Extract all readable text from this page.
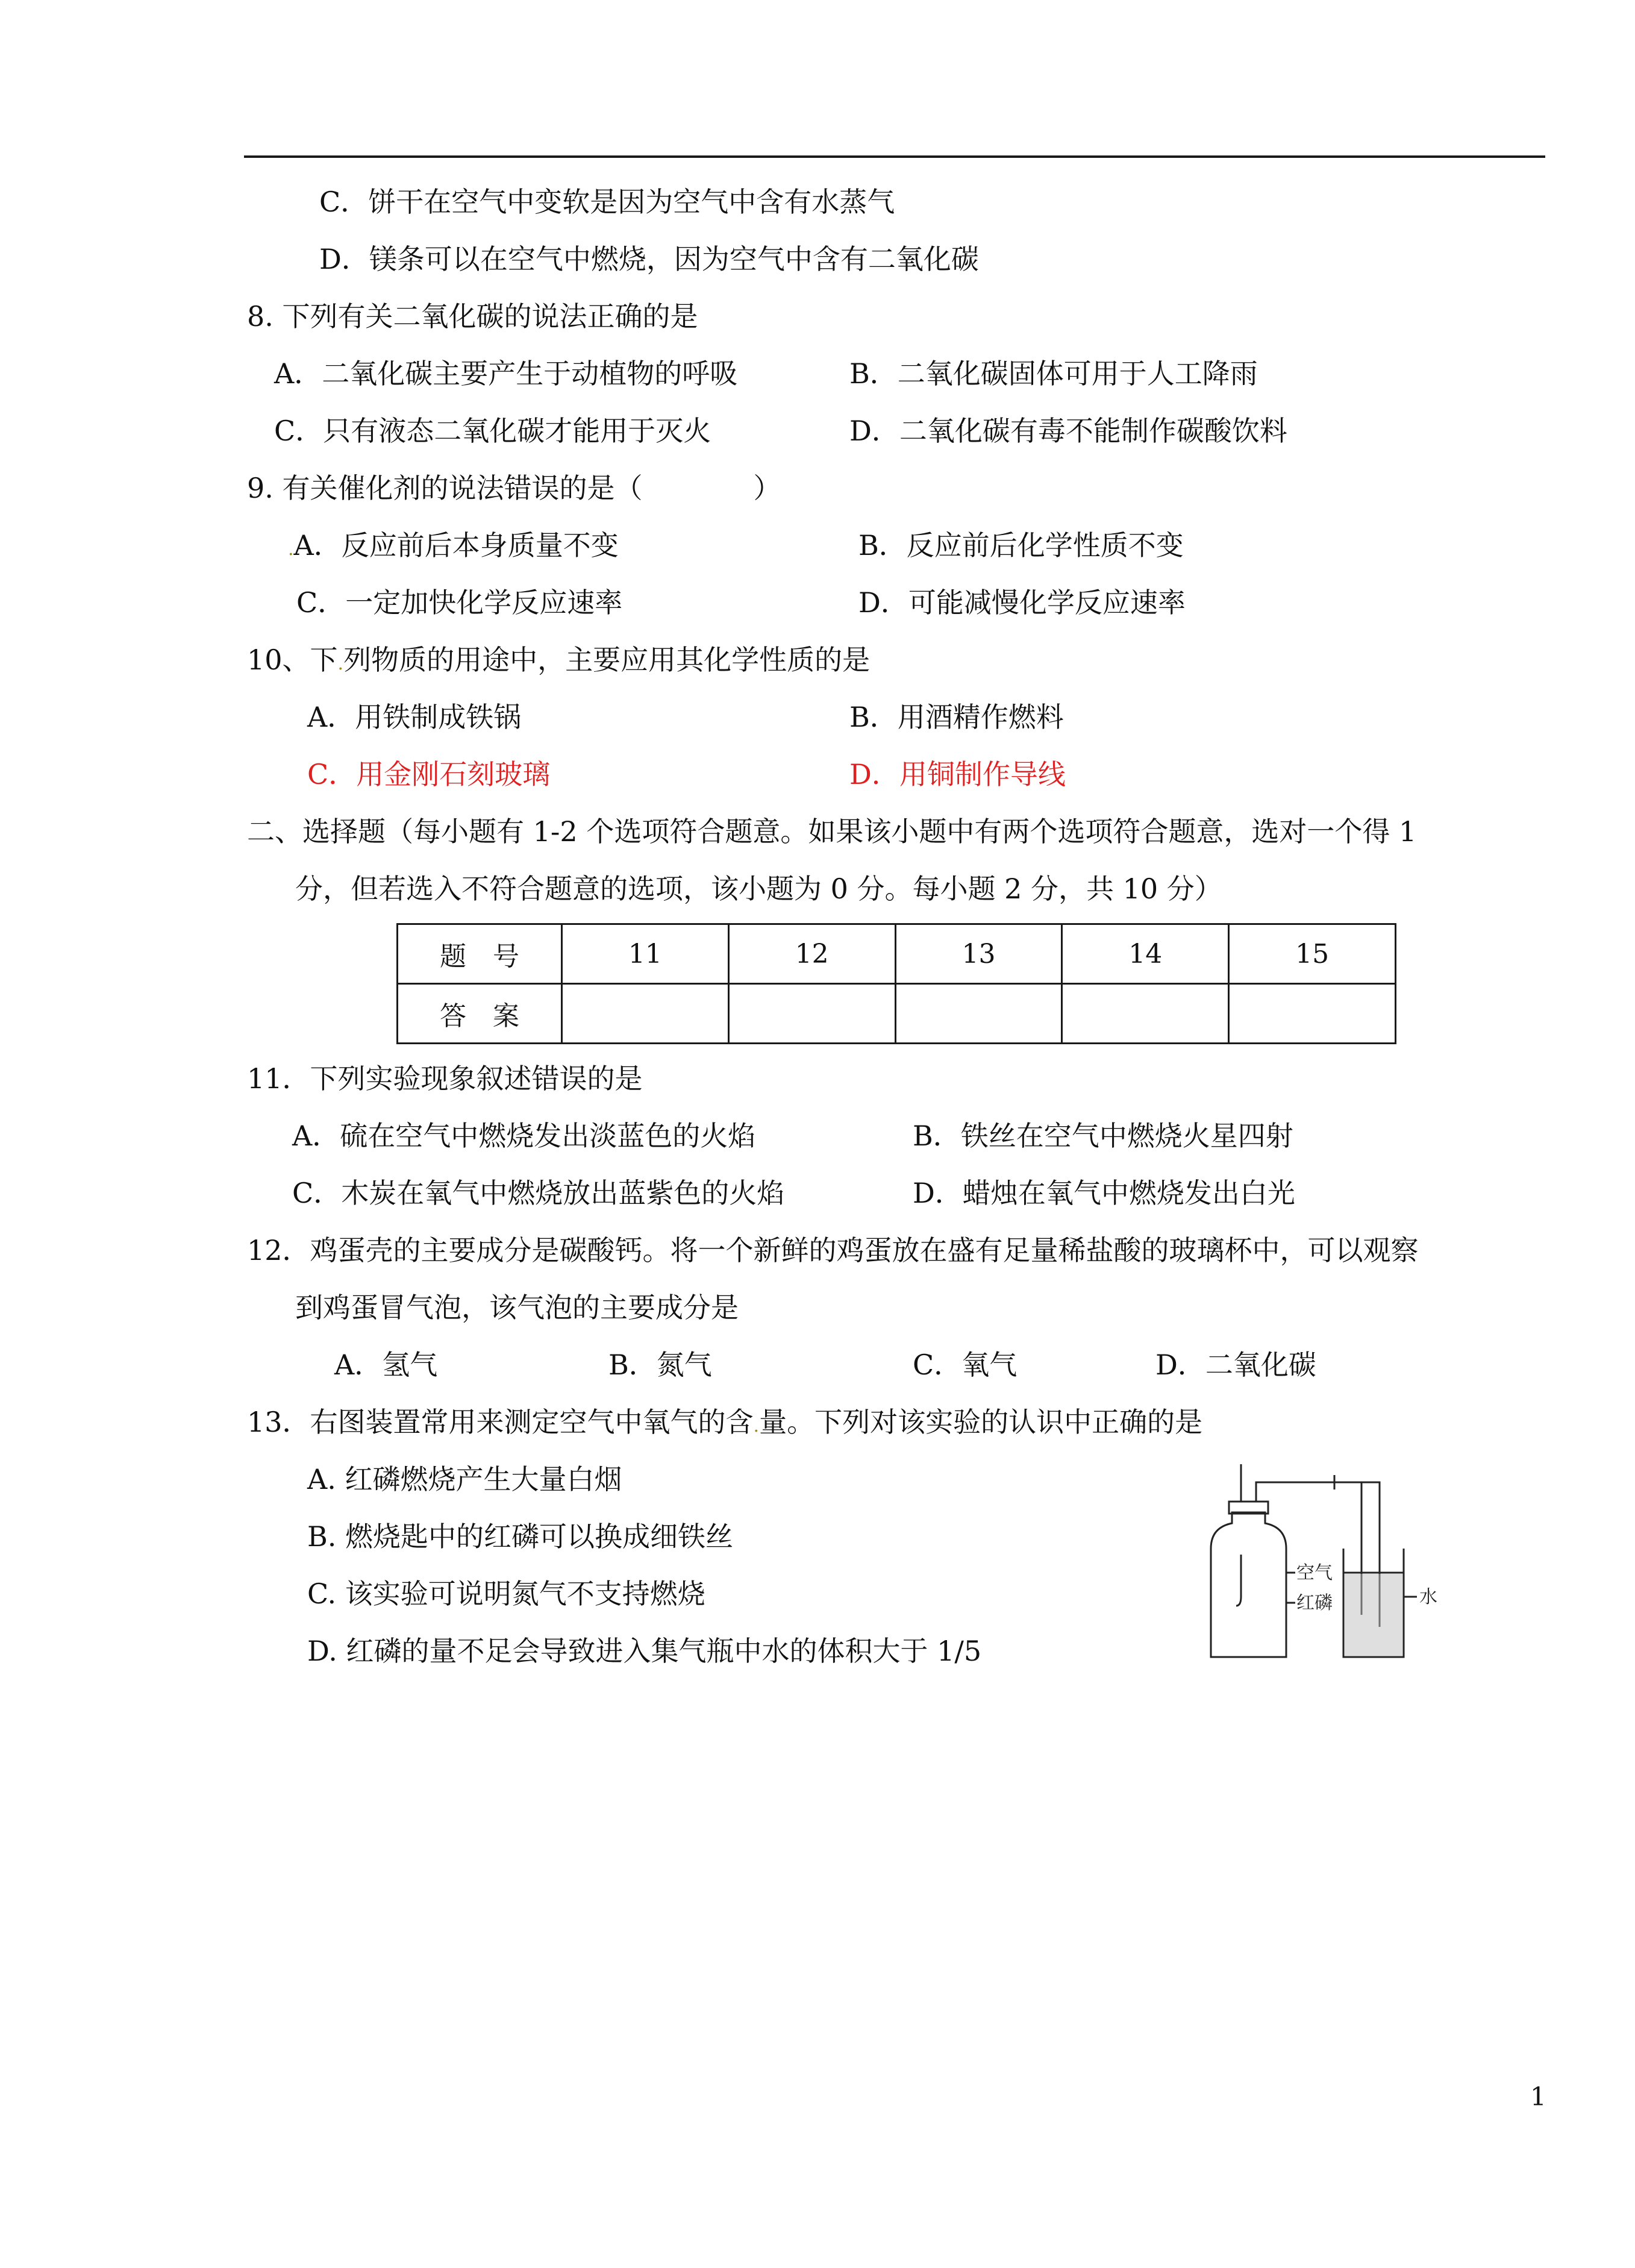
C．饼干在空气中变软是因为空气中含有水蒸气
D．镁条可以在空气中燃烧，因为空气中含有二氧化碳
8. 下列有关二氧化碳的说法正确的是
A．二氧化碳主要产生于动植物的呼吸	B．二氧化碳固体可用于人工降雨
C．只有液态二氧化碳才能用于灭火	D．二氧化碳有毒不能制作碳酸饮料
9. 有关催化剂的说法错误的是（　　　　）
.A．反应前后本身质量不变	B．反应前后化学性质不变
C．一定加快化学反应速率	D．可能减慢化学反应速率
10、下.列物质的用途中，主要应用其化学性质的是
A．用铁制成铁锅	B．用酒精作燃料
C．用金刚石刻玻璃	D．用铜制作导线
二、选择题（每小题有 1-2 个选项符合题意。如果该小题中有两个选项符合题意，选对一个得 1
分，但若选入不符合题意的选项，该小题为 0 分。每小题 2 分，共 10 分）
题　号	11	12	13	14	15
答　案					
11．下列实验现象叙述错误的是
A．硫在空气中燃烧发出淡蓝色的火焰	B．铁丝在空气中燃烧火星四射
C．木炭在氧气中燃烧放出蓝紫色的火焰	D．蜡烛在氧气中燃烧发出白光
12．鸡蛋壳的主要成分是碳酸钙。将一个新鲜的鸡蛋放在盛有足量稀盐酸的玻璃杯中，可以观察
到鸡蛋冒气泡，该气泡的主要成分是
A．氢气	B．氮气	C．氧气	D．二氧化碳
13．右图装置常用来测定空气中氧气的含.量。下列对该实验的认识中正确的是
A. 红磷燃烧产生大量白烟
B. 燃烧匙中的红磷可以换成细铁丝
C. 该实验可说明氮气不支持燃烧
D. 红磷的量不足会导致进入集气瓶中水的体积大于 1/5
空气
红磷	水
1
